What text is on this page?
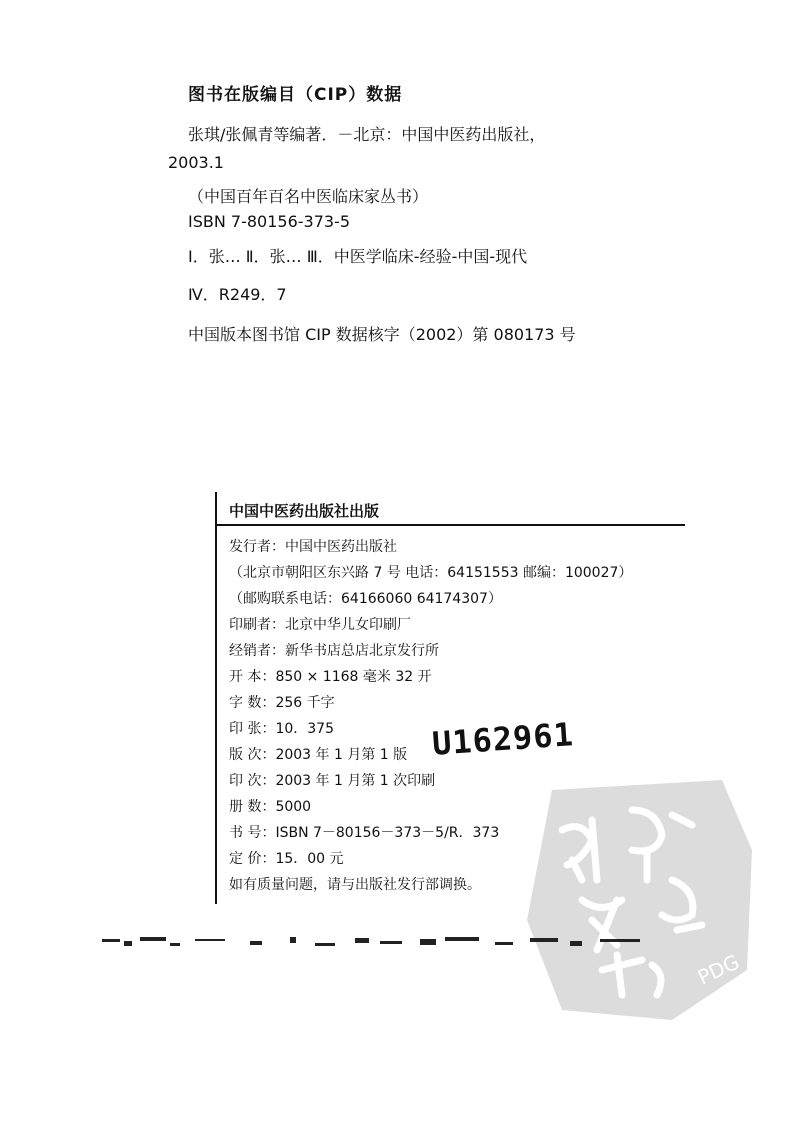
图书在版编目（CIP）数据
张琪/张佩青等编著．－北京：中国中医药出版社，
2003.1
（中国百年百名中医临床家丛书）
ISBN 7-80156-373-5
Ⅰ．张… Ⅱ．张… Ⅲ．中医学临床-经验-中国-现代
Ⅳ．R249．7
中国版本图书馆 CIP 数据核字（2002）第 080173 号
中国中医药出版社出版
发行者：中国中医药出版社
（北京市朝阳区东兴路 7 号 电话：64151553 邮编：100027）
（邮购联系电话：64166060 64174307）
印刷者：北京中华儿女印刷厂
经销者：新华书店总店北京发行所
开 本：850 × 1168 毫米 32 开
字 数：256 千字
印 张：10．375
版 次：2003 年 1 月第 1 版
印 次：2003 年 1 月第 1 次印刷
册 数：5000
书 号：ISBN 7－80156－373－5/R．373
定 价：15．00 元
如有质量问题，请与出版社发行部调换。
U162961
PDG
